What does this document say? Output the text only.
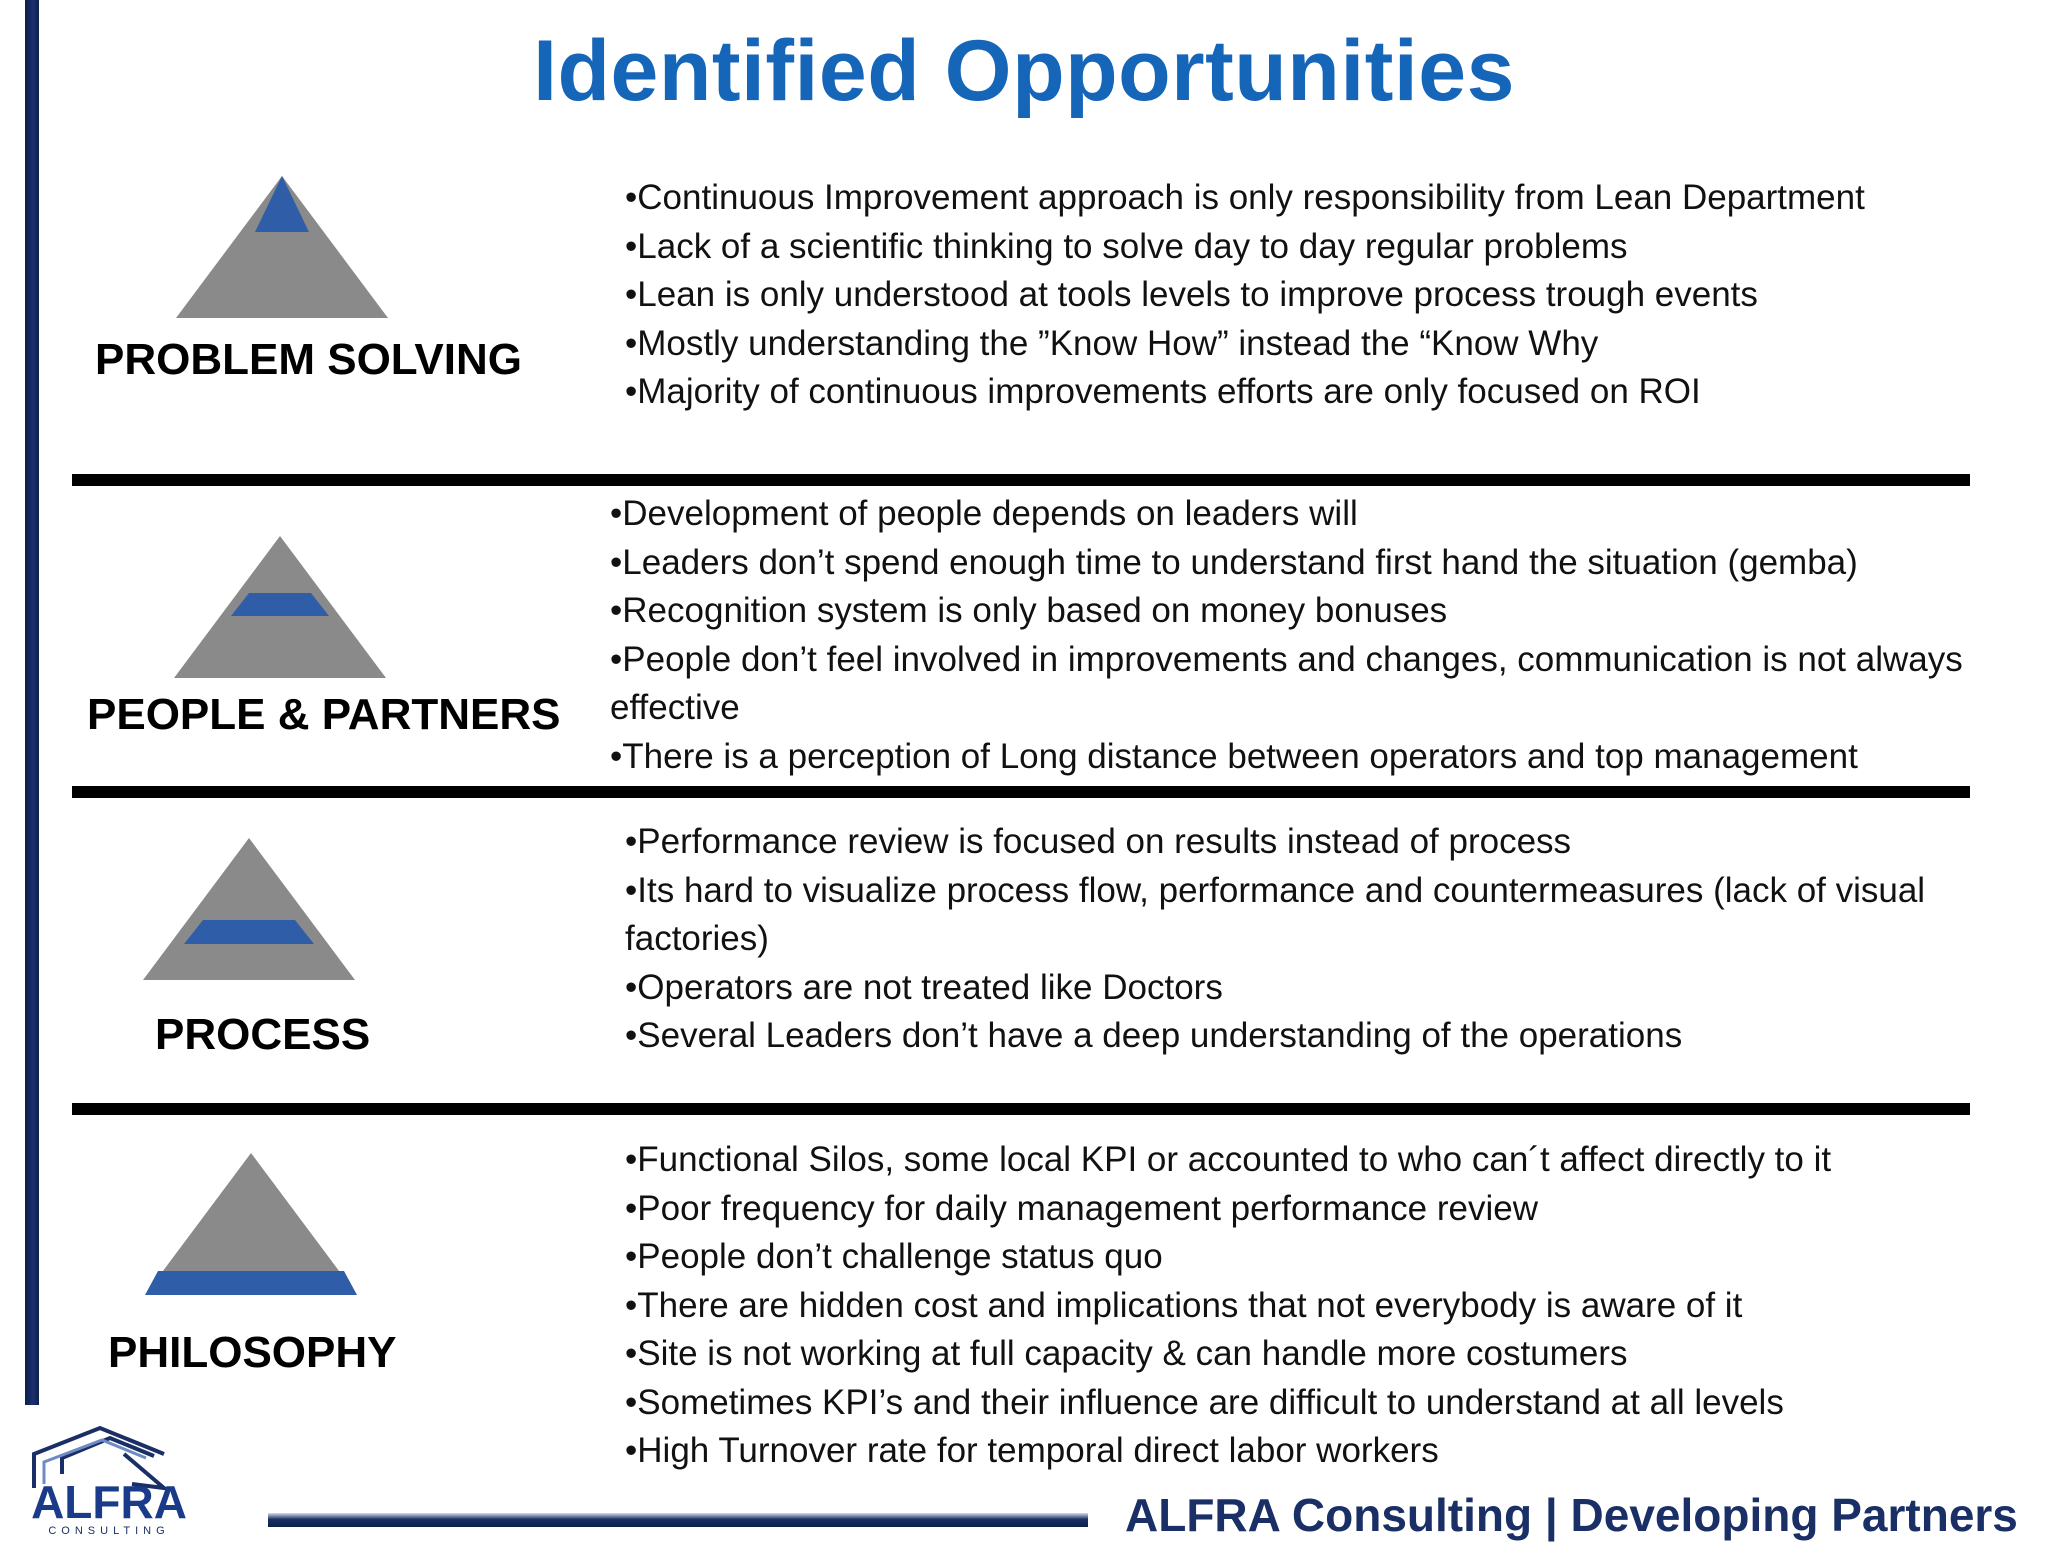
Identified Opportunities
PROBLEM SOLVING
• Continuous Improvement approach is only responsibility from Lean Department
• Lack of a scientific thinking to solve day to day regular problems
• Lean is only understood at tools levels to improve process trough events
• Mostly understanding the ”Know How” instead the “Know Why
• Majority of continuous improvements efforts are only focused on ROI
PEOPLE & PARTNERS
• Development of people depends on leaders will
• Leaders don’t spend enough time to understand first hand the situation (gemba)
• Recognition system is only based on money bonuses
• People don’t feel involved in improvements and changes, communication is not always effective
• There is a perception of Long distance between operators and top management
PROCESS
• Performance review is focused on results instead of process
• Its hard to visualize process flow, performance and countermeasures (lack of visual factories)
• Operators are not treated like Doctors
• Several Leaders don’t have a deep understanding of the operations
PHILOSOPHY
• Functional Silos, some local KPI or accounted to who can´t affect directly to it
• Poor frequency for daily management performance review
• People don’t challenge status quo
• There are hidden cost and implications that not everybody is aware of it
• Site is not working at full capacity & can handle more costumers
• Sometimes KPI’s and their influence are difficult to understand at all levels
• High Turnover rate for temporal direct labor workers
ALFRA
CONSULTING	ALFRA Consulting | Developing Partners
